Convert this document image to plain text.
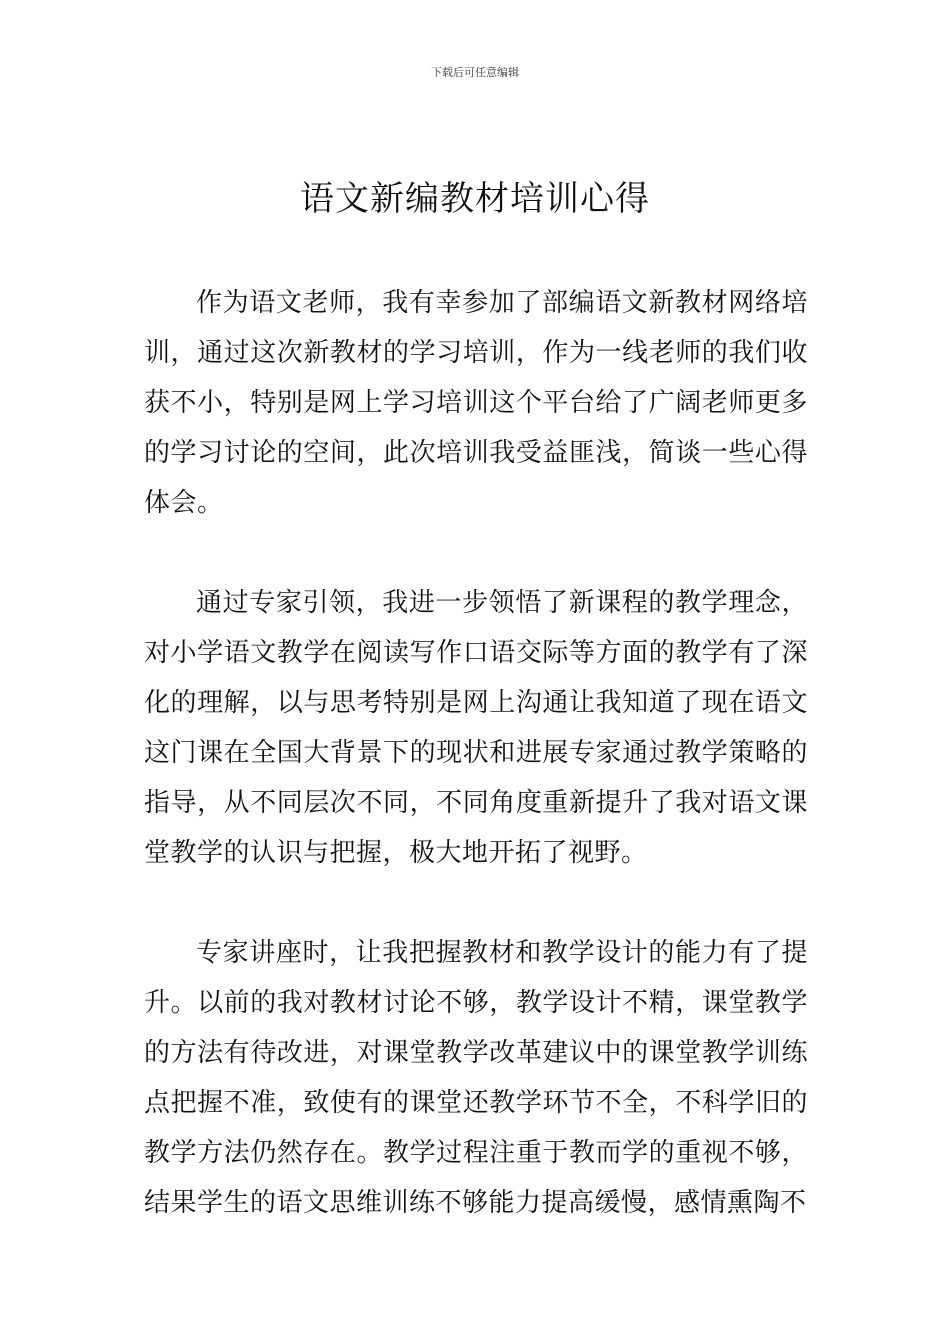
下载后可任意编辑
语文新编教材培训心得

作为语文老师，我有幸参加了部编语文新教材网络培训，通过这次新教材的学习培训，作为一线老师的我们收获不小，特别是网上学习培训这个平台给了广阔老师更多的学习讨论的空间，此次培训我受益匪浅，简谈一些心得体会。

通过专家引领，我进一步领悟了新课程的教学理念，对小学语文教学在阅读写作口语交际等方面的教学有了深化的理解，以与思考特别是网上沟通让我知道了现在语文这门课在全国大背景下的现状和进展专家通过教学策略的指导，从不同层次不同，不同角度重新提升了我对语文课堂教学的认识与把握，极大地开拓了视野。

专家讲座时，让我把握教材和教学设计的能力有了提升。以前的我对教材讨论不够，教学设计不精，课堂教学的方法有待改进，对课堂教学改革建议中的课堂教学训练点把握不准，致使有的课堂还教学环节不全，不科学旧的教学方法仍然存在。教学过程注重于教而学的重视不够，结果学生的语文思维训练不够能力提高缓慢，感情熏陶不
